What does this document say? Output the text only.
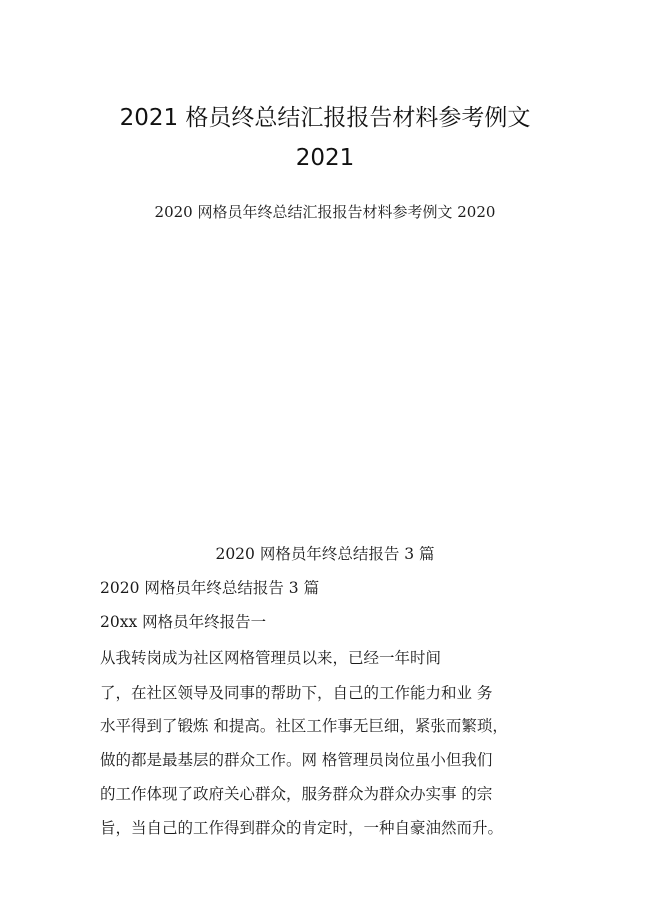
2021 格员终总结汇报报告材料参考例文
2021
2020 网格员年终总结汇报报告材料参考例文 2020
2020 网格员年终总结报告 3 篇
2020 网格员年终总结报告 3 篇
20xx 网格员年终报告一
从我转岗成为社区网格管理员以来，已经一年时间
了，在社区领导及同事的帮助下，自己的工作能力和业 务
水平得到了锻炼 和提高。社区工作事无巨细，紧张而繁琐，
做的都是最基层的群众工作。网 格管理员岗位虽小但我们
的工作体现了政府关心群众，服务群众为群众办实事 的宗
旨，当自己的工作得到群众的肯定时，一种自豪油然而升。
